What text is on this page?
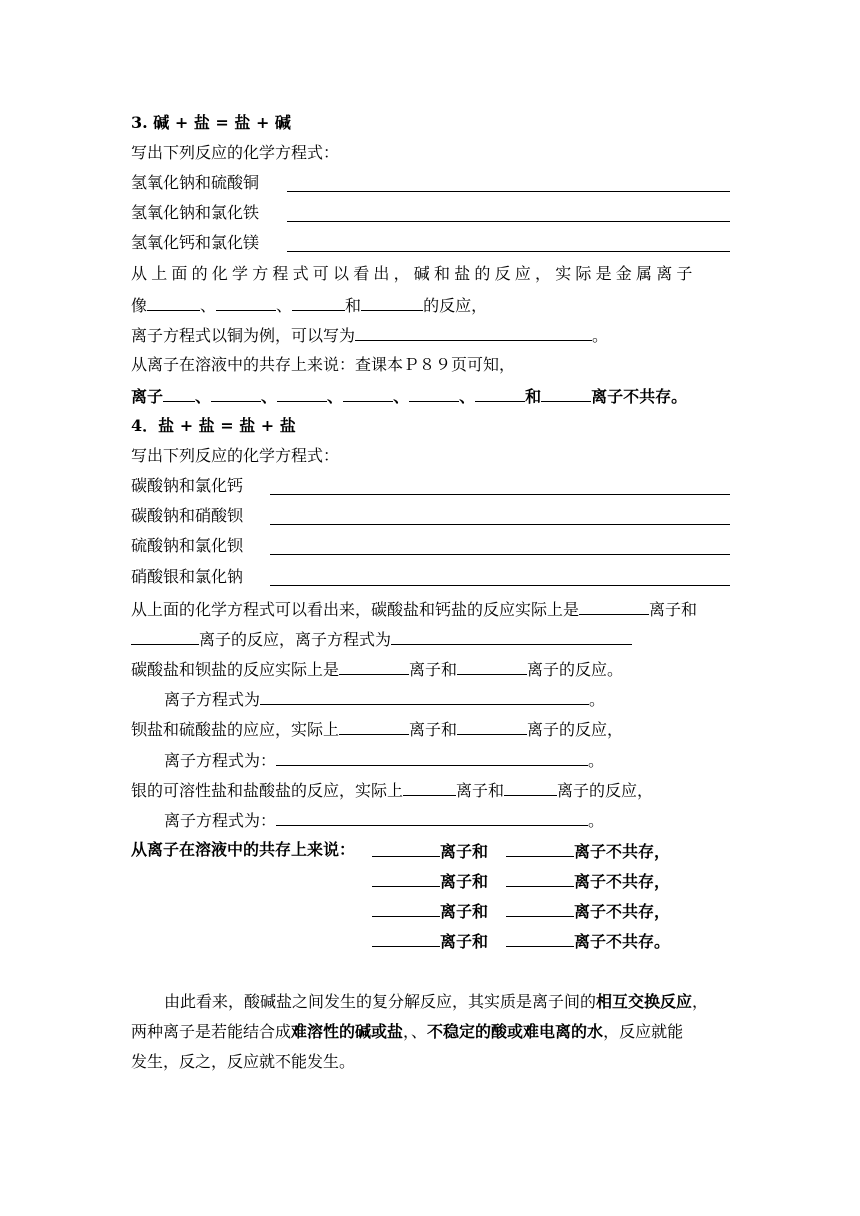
3. 碱 + 盐 = 盐 + 碱
写出下列反应的化学方程式：
氢氧化钠和硫酸铜
氢氧化钠和氯化铁
氢氧化钙和氯化镁
从上面的化学方程式可以看出，碱和盐的反应，实际是金属离子
像	、	、	和	的反应，
离子方程式以铜为例，可以写为	。
从离子在溶液中的共存上来说：查课本Ｐ８９页可知，
离子 、	、	、	、	、	和	离子不共存。
4．盐 + 盐 = 盐 + 盐
写出下列反应的化学方程式：
碳酸钠和氯化钙
碳酸钠和硝酸钡
硫酸钠和氯化钡
硝酸银和氯化钠
从上面的化学方程式可以看出来，碳酸盐和钙盐的反应实际上是	离子和
离子的反应，离子方程式为
碳酸盐和钡盐的反应实际上是	离子和	离子的反应。
离子方程式为	。
钡盐和硫酸盐的应应，实际上	离子和	离子的反应，
离子方程式为：	。
银的可溶性盐和盐酸盐的反应，实际上	离子和	离子的反应，
离子方程式为：	。
从离子在溶液中的共存上来说：	离子和	离子不共存，
离子和	离子不共存，
离子和	离子不共存，
离子和	离子不共存。
由此看来，酸碱盐之间发生的复分解反应，其实质是离子间的相互交换反应，
两种离子是若能结合成难溶性的碱或盐，、不稳定的酸或难电离的水，反应就能
发生，反之，反应就不能发生。
